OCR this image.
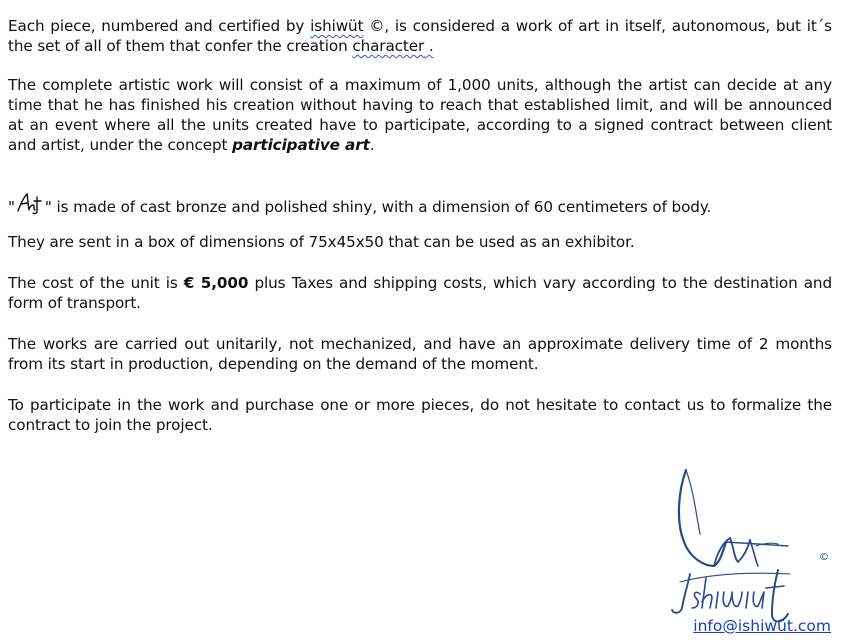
Each piece, numbered and certified by ishiwüt ©, is considered a work of art in itself, autonomous, but it´s the set of all of them that confer the creation character .

The complete artistic work will consist of a maximum of 1,000 units, although the artist can decide at any time that he has finished his creation without having to reach that established limit, and will be announced at an event where all the units created have to participate, according to a signed contract between client and artist, under the concept participative art.

" " is made of cast bronze and polished shiny, with a dimension of 60 centimeters of body.

They are sent in a box of dimensions of 75x45x50 that can be used as an exhibitor.

The cost of the unit is € 5,000 plus Taxes and shipping costs, which vary according to the destination and form of transport.

The works are carried out unitarily, not mechanized, and have an approximate delivery time of 2 months from its start in production, depending on the demand of the moment.

To participate in the work and purchase one or more pieces, do not hesitate to contact us to formalize the contract to join the project.

©
Ishiwüt
info@ishiwüt.com
